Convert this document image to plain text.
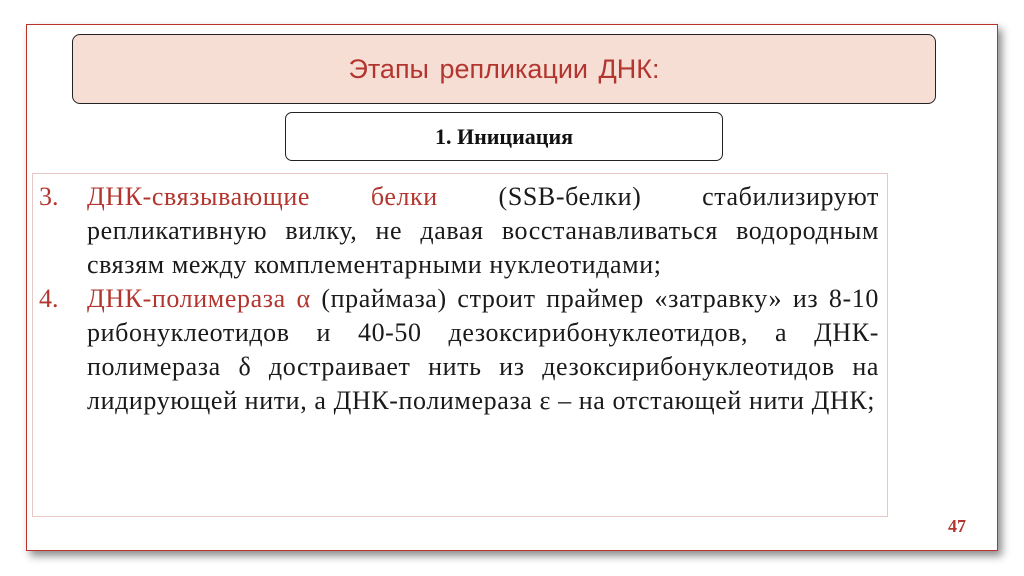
Этапы репликации ДНК:
1. Инициация
3. ДНК-связывающие белки (SSB-белки) стабилизируют репликативную вилку, не давая восстанавливаться водородным связям между комплементарными нуклеотидами;
4. ДНК-полимераза α (праймаза) строит праймер «затравку» из 8-10 рибонуклеотидов и 40-50 дезоксирибонуклеотидов, а ДНК-полимераза δ достраивает нить из дезоксирибонуклеотидов на лидирующей нити, а ДНК-полимераза ε – на отстающей нити ДНК;
47
